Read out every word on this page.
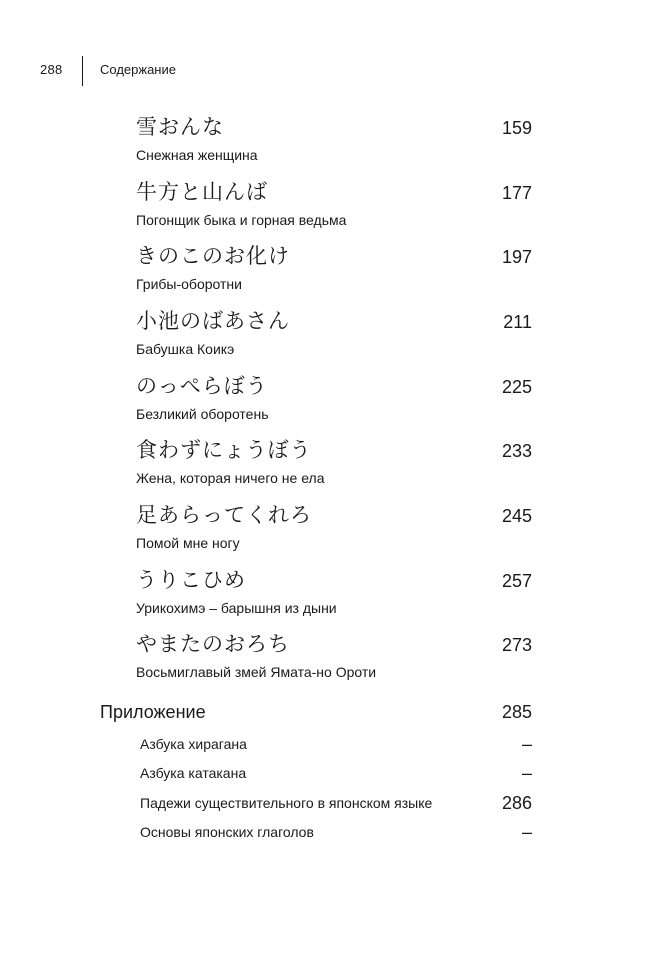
288	Содержание
雪おんな	159
Снежная женщина
牛方と山んば	177
Погонщик быка и горная ведьма
きのこのお化け	197
Грибы-оборотни
小池のばあさん	211
Бабушка Коикэ
のっぺらぼう	225
Безликий оборотень
食わずにょうぼう	233
Жена, которая ничего не ела
足あらってくれろ	245
Помой мне ногу
うりこひめ	257
Урикохимэ – барышня из дыни
やまたのおろち	273
Восьмиглавый змей Ямата-но Ороти
Приложение	285
Азбука хирагана	–
Азбука катакана	–
Падежи существительного в японском языке	286
Основы японских глаголов	–
